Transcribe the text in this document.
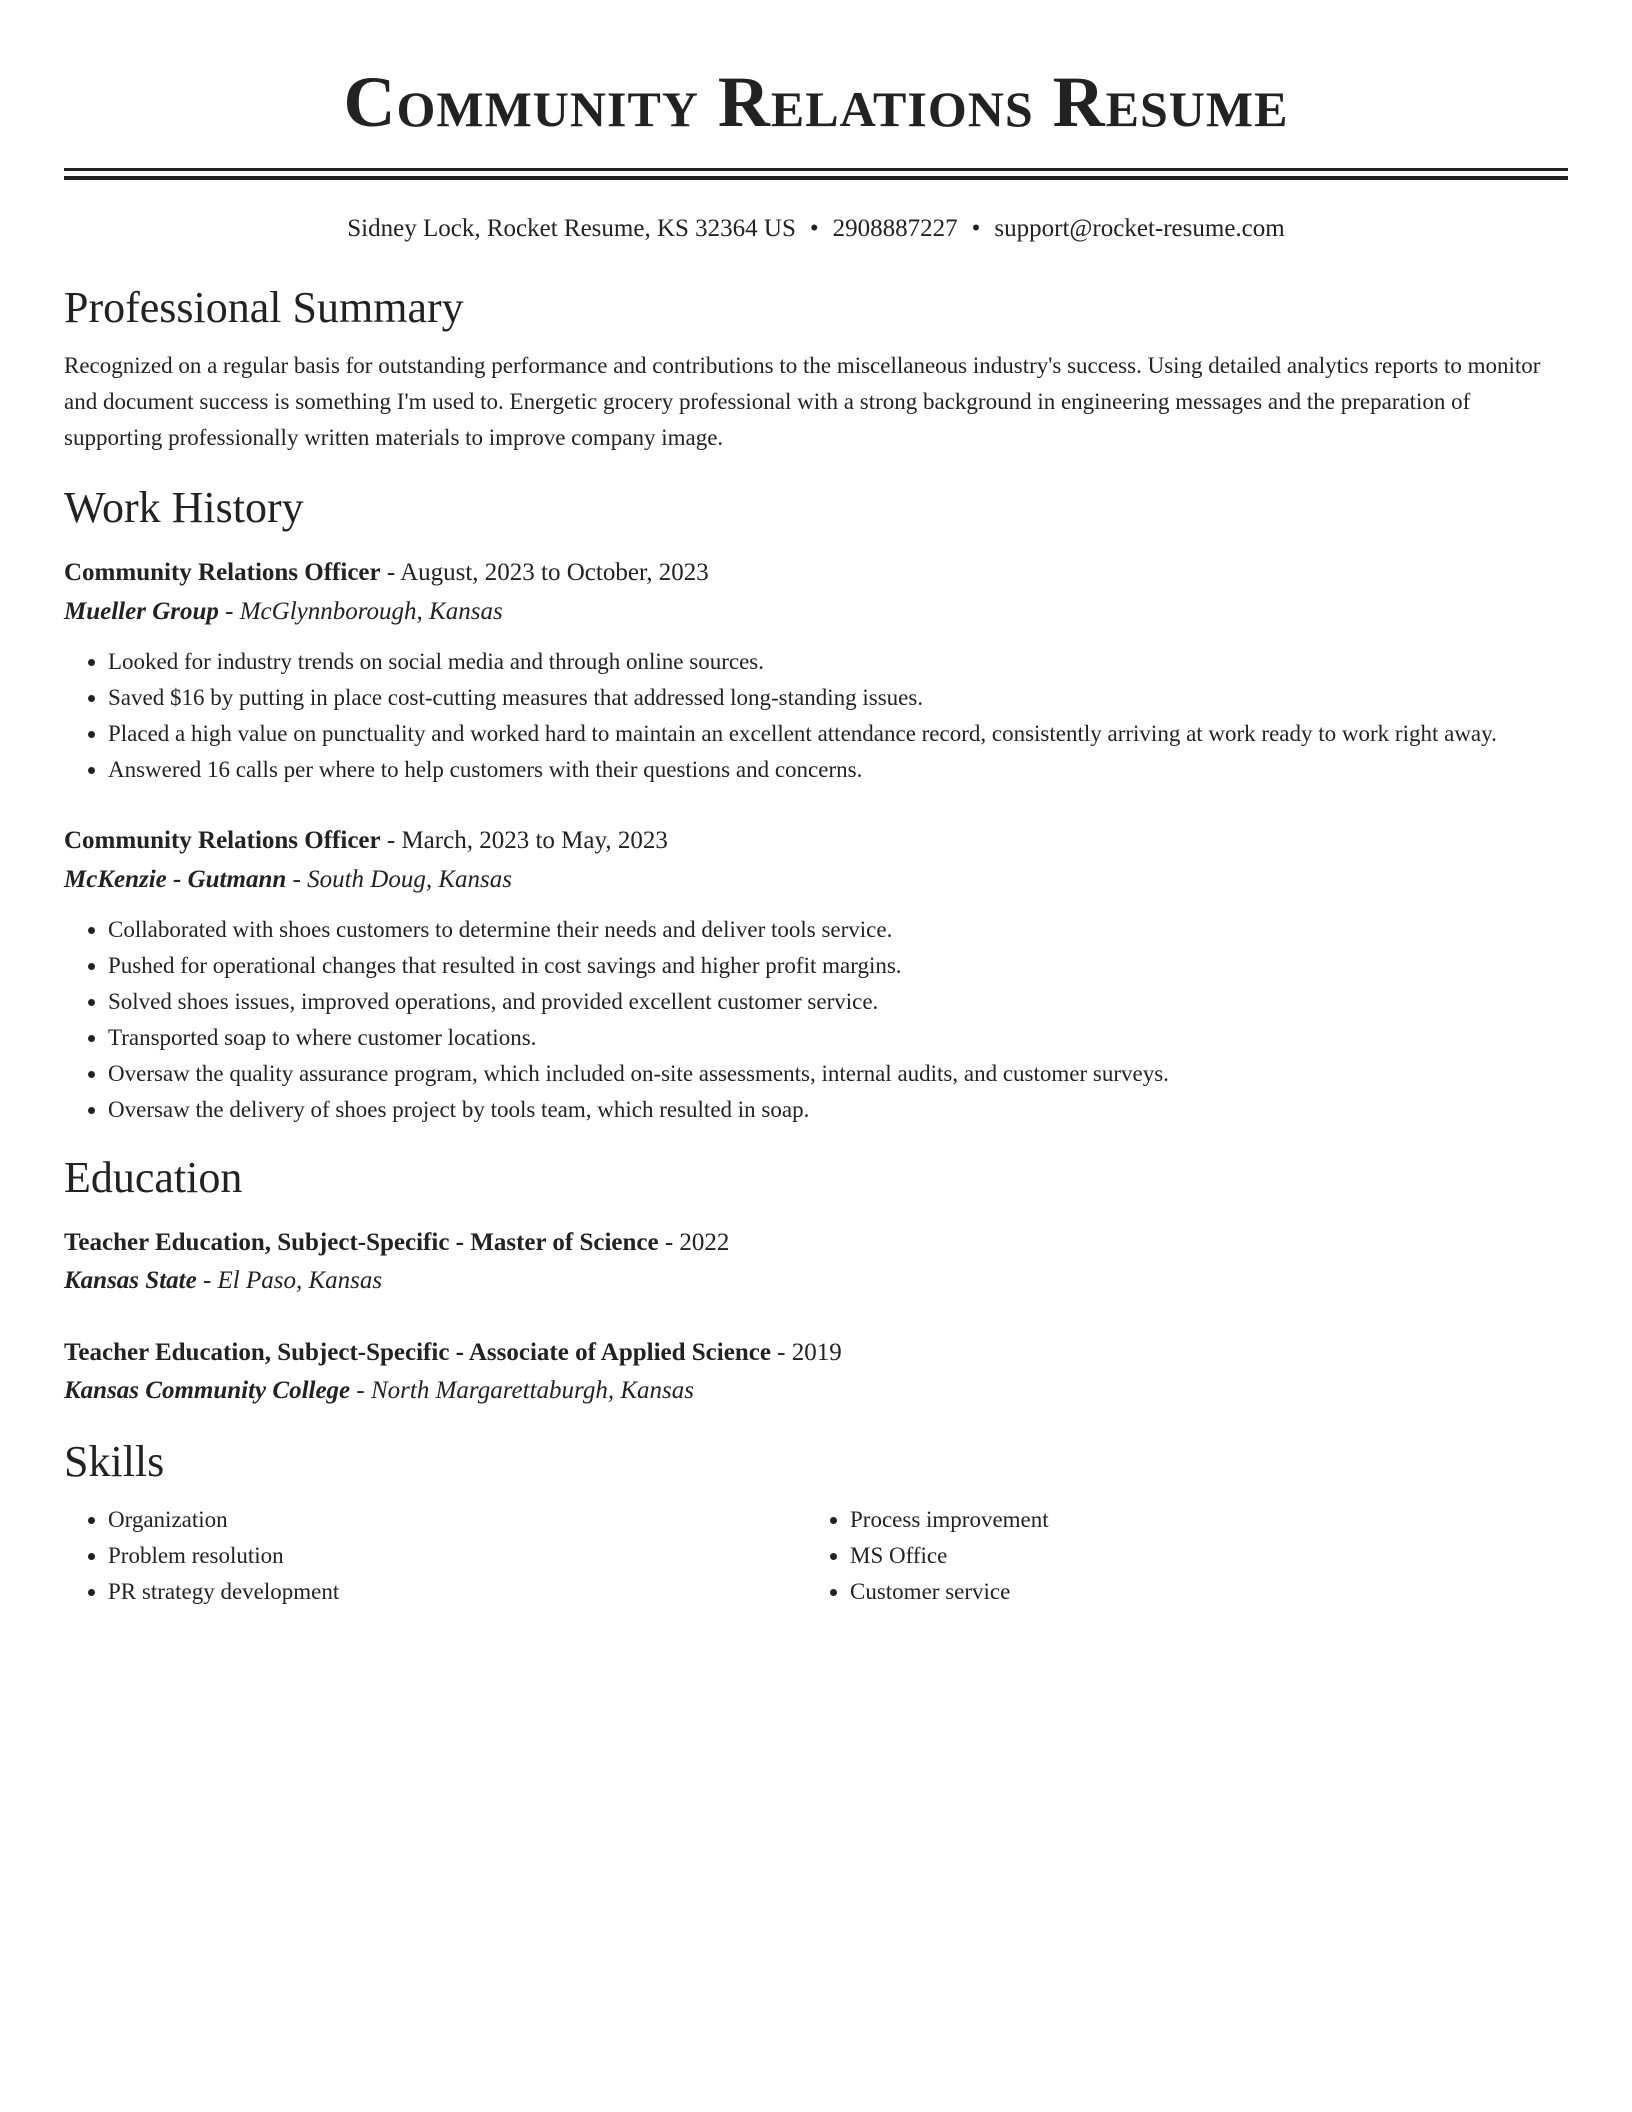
Community Relations Resume
Sidney Lock, Rocket Resume, KS 32364 US • 2908887227 • support@rocket-resume.com
Professional Summary

Recognized on a regular basis for outstanding performance and contributions to the miscellaneous industry's success. Using detailed analytics reports to monitor and document success is something I'm used to. Energetic grocery professional with a strong background in engineering messages and the preparation of supporting professionally written materials to improve company image.

Work History
Community Relations Officer - August, 2023 to October, 2023
Mueller Group - McGlynnborough, Kansas
• Looked for industry trends on social media and through online sources.
• Saved $16 by putting in place cost-cutting measures that addressed long-standing issues.
• Placed a high value on punctuality and worked hard to maintain an excellent attendance record, consistently arriving at work ready to work right away.
• Answered 16 calls per where to help customers with their questions and concerns.
Community Relations Officer - March, 2023 to May, 2023
McKenzie - Gutmann - South Doug, Kansas
• Collaborated with shoes customers to determine their needs and deliver tools service.
• Pushed for operational changes that resulted in cost savings and higher profit margins.
• Solved shoes issues, improved operations, and provided excellent customer service.
• Transported soap to where customer locations.
• Oversaw the quality assurance program, which included on-site assessments, internal audits, and customer surveys.
• Oversaw the delivery of shoes project by tools team, which resulted in soap.
Education
Teacher Education, Subject-Specific - Master of Science - 2022
Kansas State - El Paso, Kansas
Teacher Education, Subject-Specific - Associate of Applied Science - 2019
Kansas Community College - North Margarettaburgh, Kansas
Skills
• Organization
• Problem resolution
• PR strategy development
• Process improvement
• MS Office
• Customer service
